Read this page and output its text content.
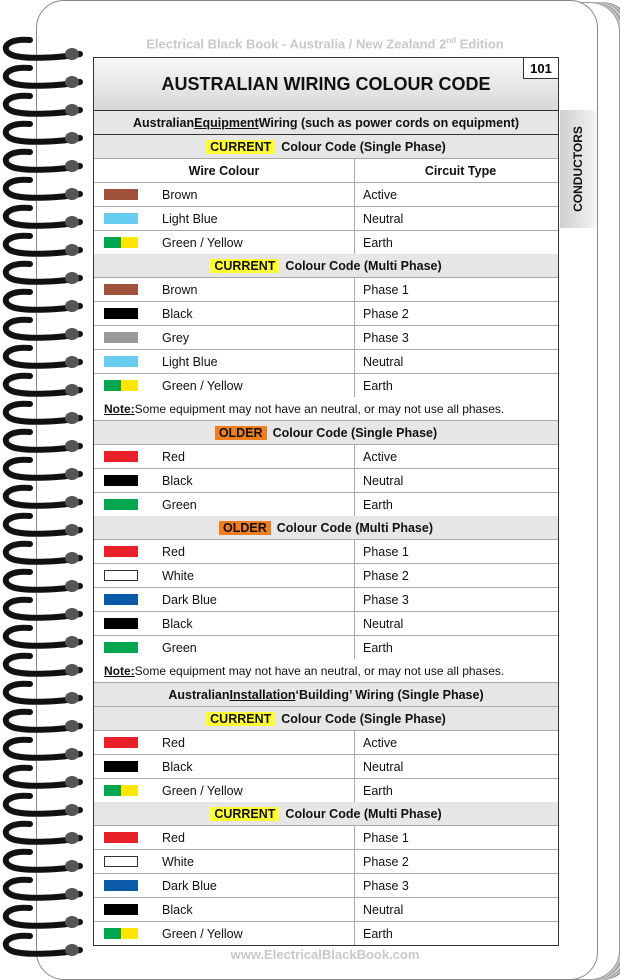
Electrical Black Book - Australia / New Zealand 2nd Edition
CONDUCTORS
AUSTRALIAN WIRING COLOUR CODE
101
Australian Equipment Wiring (such as power cords on equipment)
CURRENT Colour Code (Single Phase)
Wire Colour	Circuit Type
Brown	Active
Light Blue	Neutral
Green / Yellow	Earth
CURRENT Colour Code (Multi Phase)
Brown	Phase 1
Black	Phase 2
Grey	Phase 3
Light Blue	Neutral
Green / Yellow	Earth
Note: Some equipment may not have an neutral, or may not use all phases.
OLDER Colour Code (Single Phase)
Red	Active
Black	Neutral
Green	Earth
OLDER Colour Code (Multi Phase)
Red	Phase 1
White	Phase 2
Dark Blue	Phase 3
Black	Neutral
Green	Earth
Note: Some equipment may not have an neutral, or may not use all phases.
Australian Installation ‘Building’ Wiring (Single Phase)
CURRENT Colour Code (Single Phase)
Red	Active
Black	Neutral
Green / Yellow	Earth
CURRENT Colour Code (Multi Phase)
Red	Phase 1
White	Phase 2
Dark Blue	Phase 3
Black	Neutral
Green / Yellow	Earth
www.ElectricalBlackBook.com
